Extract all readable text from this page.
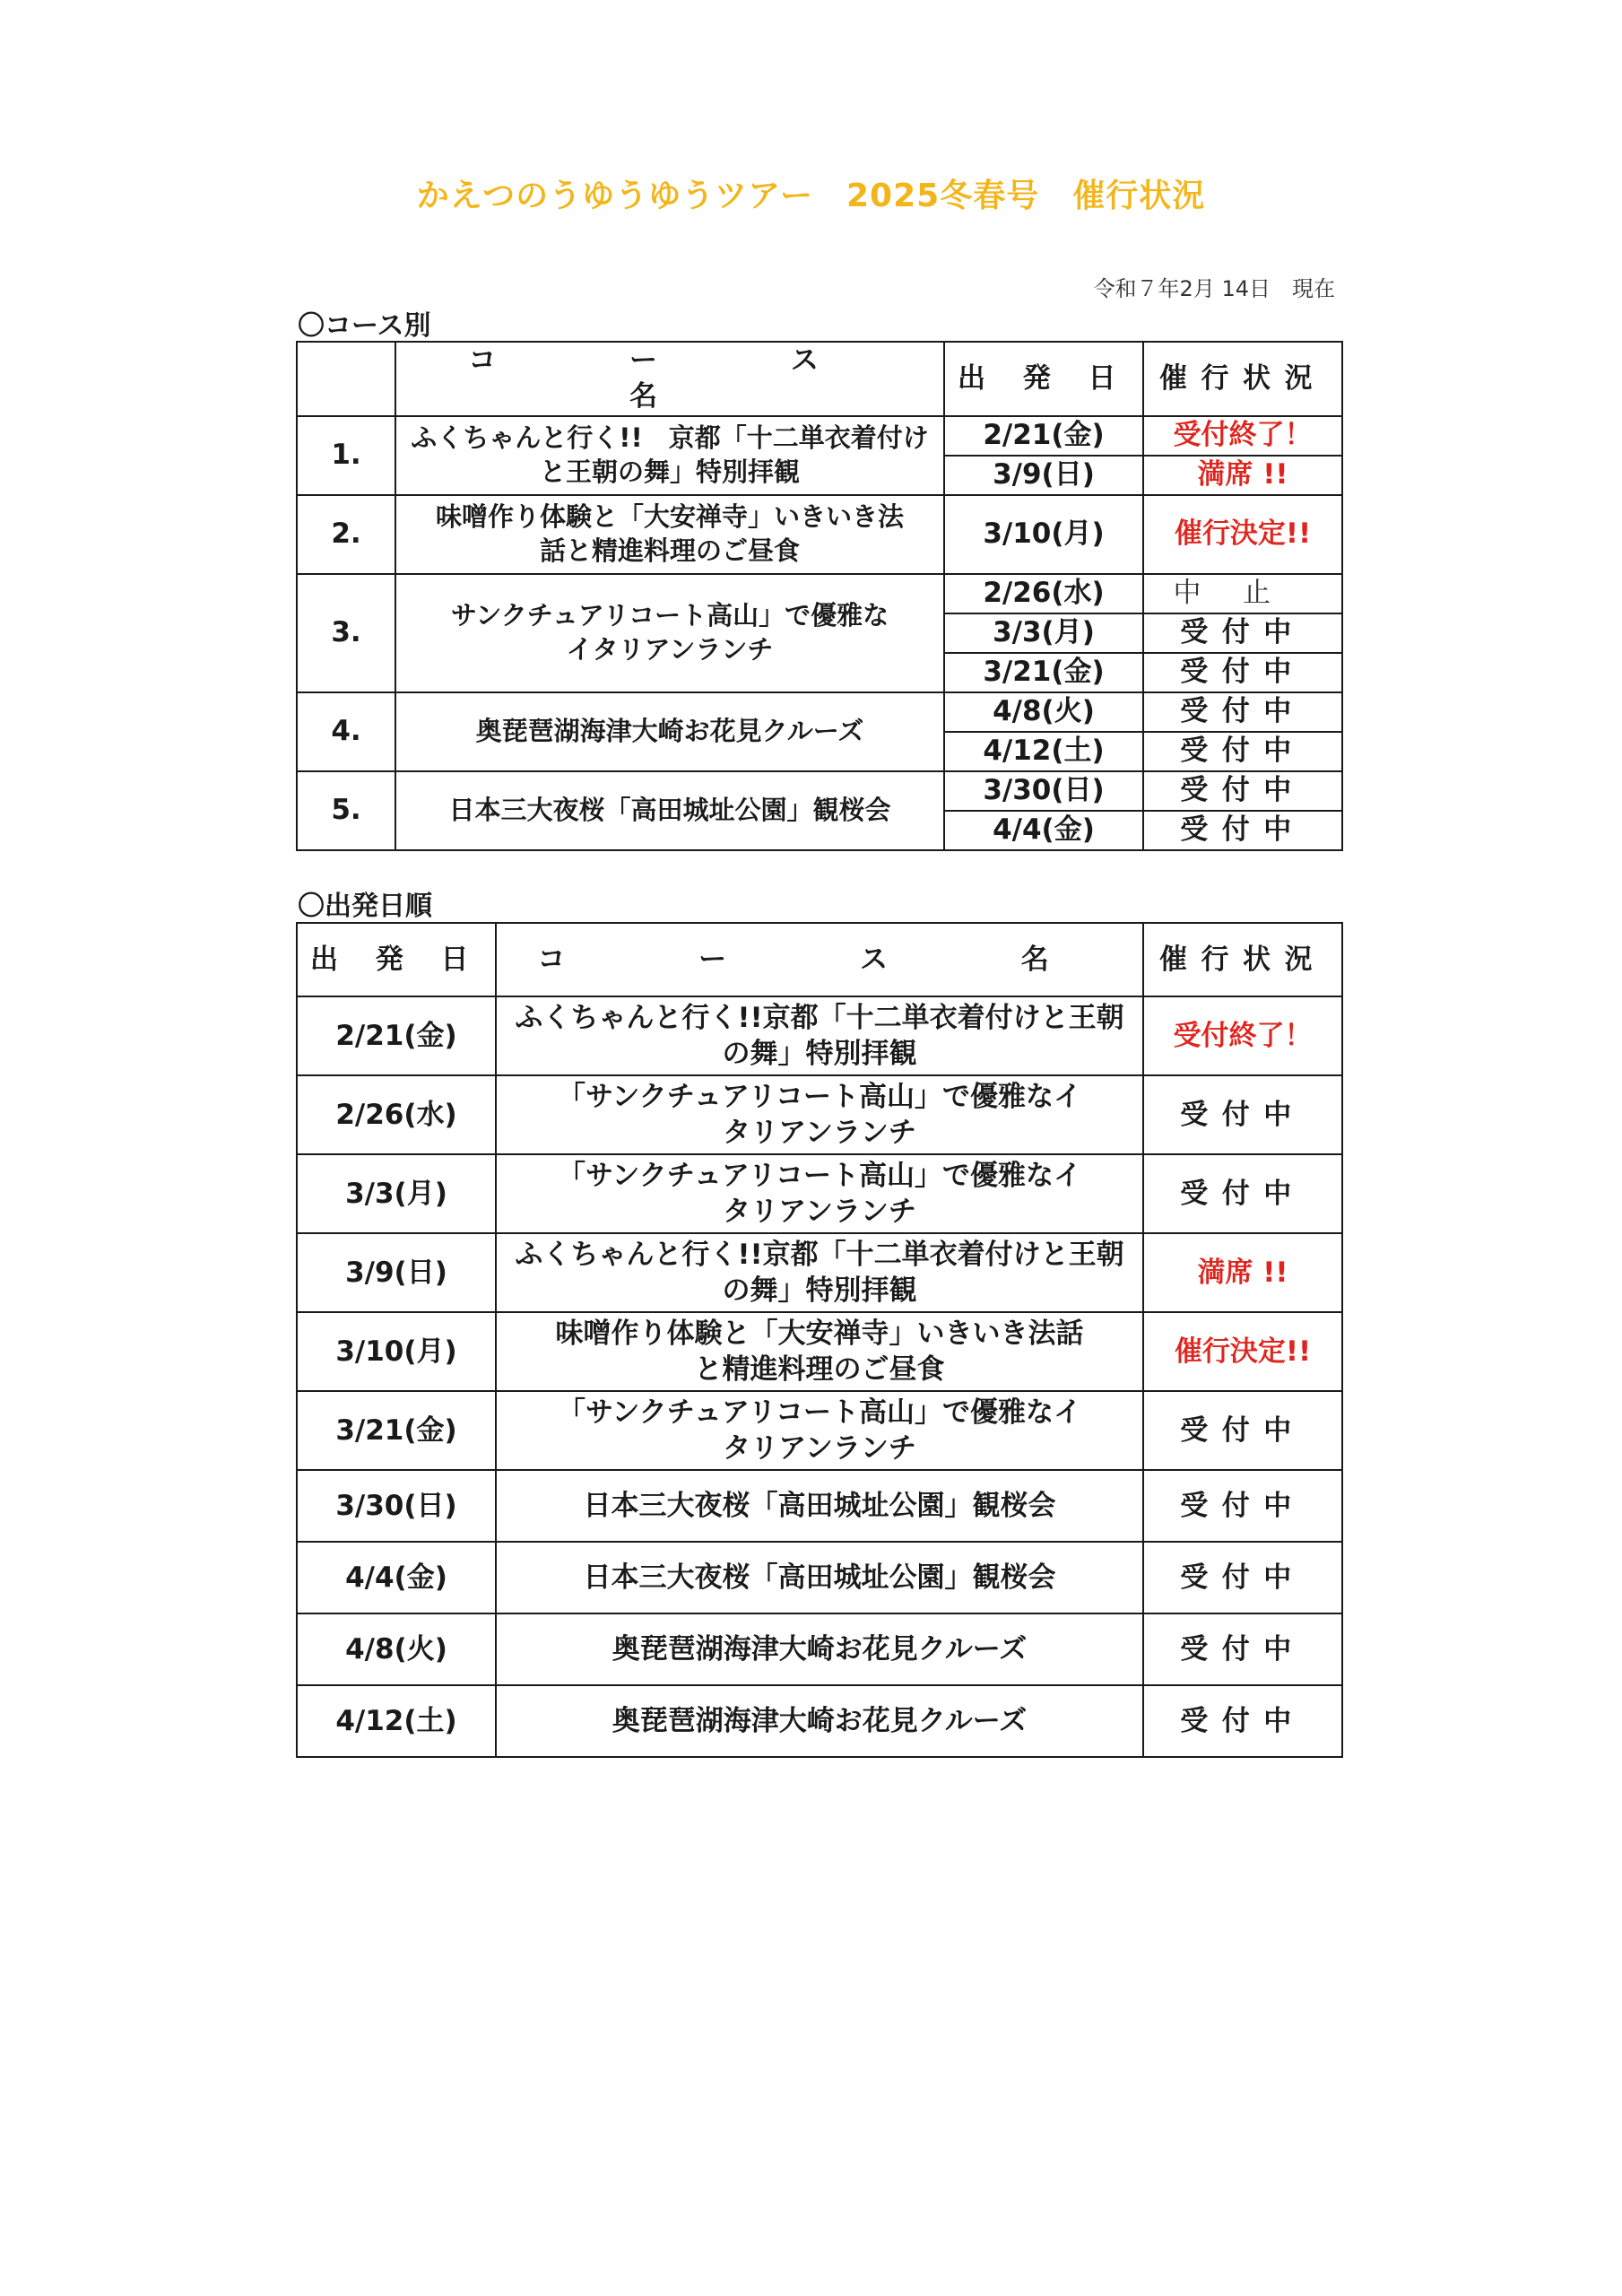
かえつのうゆうゆうツアー　2025冬春号　催行状況
令和７年2月 14日　現在
〇コース別
	コ　ー　ス　名	出 発 日	催行状況
1.	ふくちゃんと行く!!　京都「十二単衣着付けと王朝の舞」特別拝観	2/21(金)	受付終了！
		3/9(日)	満席 !!
2.	味噌作り体験と「大安禅寺」いきいき法話と精進料理のご昼食	3/10(月)	催行決定!!
3.	サンクチュアリコート高山」で優雅なイタリアンランチ	2/26(水)	中止
		3/3(月)	受付中
		3/21(金)	受付中
4.	奥琵琶湖海津大崎お花見クルーズ	4/8(火)	受付中
		4/12(土)	受付中
5.	日本三大夜桜「高田城址公園」観桜会	3/30(日)	受付中
		4/4(金)	受付中
〇出発日順
出 発 日	コ　ー　ス　名	催行状況
2/21(金)	ふくちゃんと行く!!京都「十二単衣着付けと王朝の舞」特別拝観	受付終了！
2/26(水)	「サンクチュアリコート高山」で優雅なイタリアンランチ	受付中
3/3(月)	「サンクチュアリコート高山」で優雅なイタリアンランチ	受付中
3/9(日)	ふくちゃんと行く!!京都「十二単衣着付けと王朝の舞」特別拝観	満席 !!
3/10(月)	味噌作り体験と「大安禅寺」いきいき法話と精進料理のご昼食	催行決定!!
3/21(金)	「サンクチュアリコート高山」で優雅なイタリアンランチ	受付中
3/30(日)	日本三大夜桜「高田城址公園」観桜会	受付中
4/4(金)	日本三大夜桜「高田城址公園」観桜会	受付中
4/8(火)	奥琵琶湖海津大崎お花見クルーズ	受付中
4/12(土)	奥琵琶湖海津大崎お花見クルーズ	受付中
